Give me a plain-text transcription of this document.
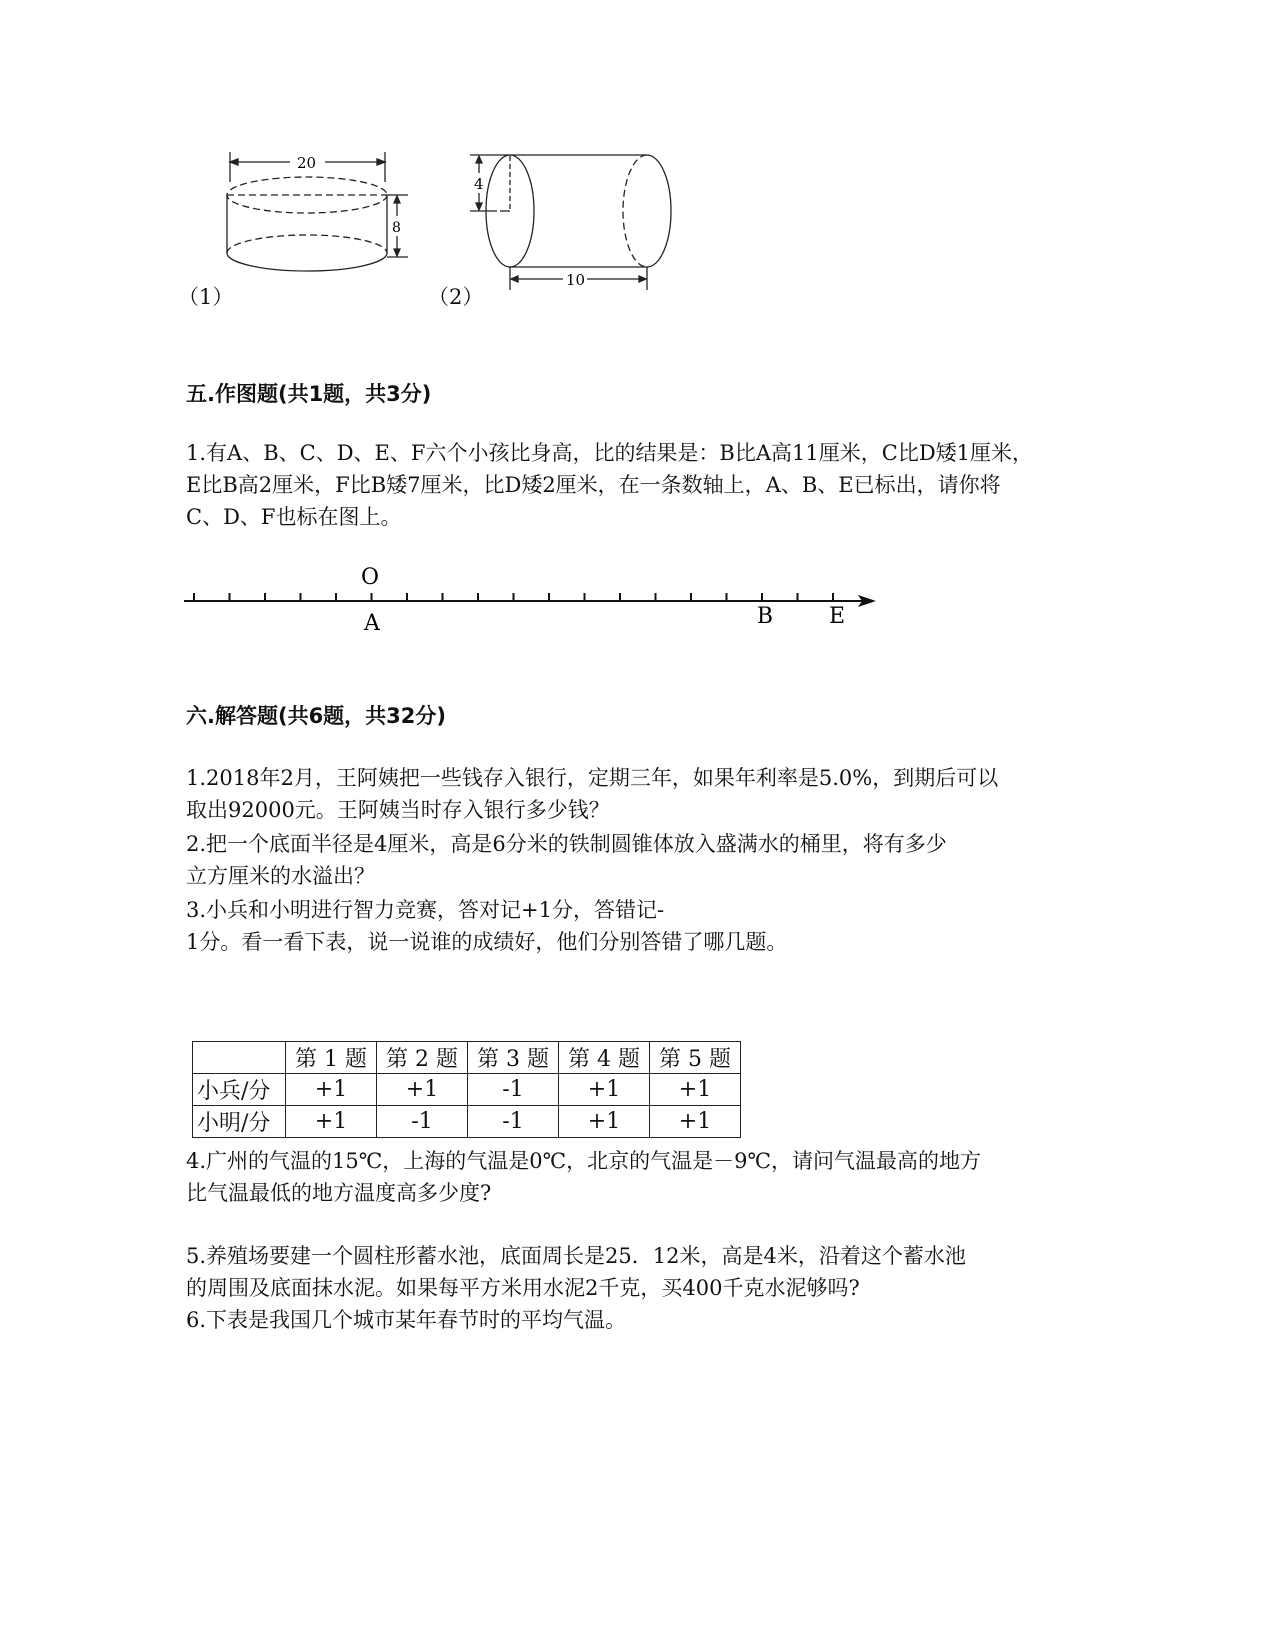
20
8
（1）
4
10
（2）
五.作图题(共1题，共3分)
1.有A、B、C、D、E、F六个小孩比身高，比的结果是：B比A高11厘米，C比D矮1厘米，
E比B高2厘米，F比B矮7厘米，比D矮2厘米，在一条数轴上，A、B、E已标出，请你将
C、D、F也标在图上。
O
A	B	E
六.解答题(共6题，共32分)
1.2018年2月，王阿姨把一些钱存入银行，定期三年，如果年利率是5.0%，到期后可以
取出92000元。王阿姨当时存入银行多少钱？
2.把一个底面半径是4厘米，高是6分米的铁制圆锥体放入盛满水的桶里，将有多少
立方厘米的水溢出？
3.小兵和小明进行智力竞赛，答对记+1分，答错记-
1分。看一看下表，说一说谁的成绩好，他们分别答错了哪几题。
	第 1 题	第 2 题	第 3 题	第 4 题	第 5 题
小兵/分	+1	+1	-1	+1	+1
小明/分	+1	-1	-1	+1	+1
4.广州的气温的15℃，上海的气温是0℃，北京的气温是－9℃，请问气温最高的地方
比气温最低的地方温度高多少度?
5.养殖场要建一个圆柱形蓄水池，底面周长是25．12米，高是4米，沿着这个蓄水池
的周围及底面抹水泥。如果每平方米用水泥2千克，买400千克水泥够吗?
6.下表是我国几个城市某年春节时的平均气温。
